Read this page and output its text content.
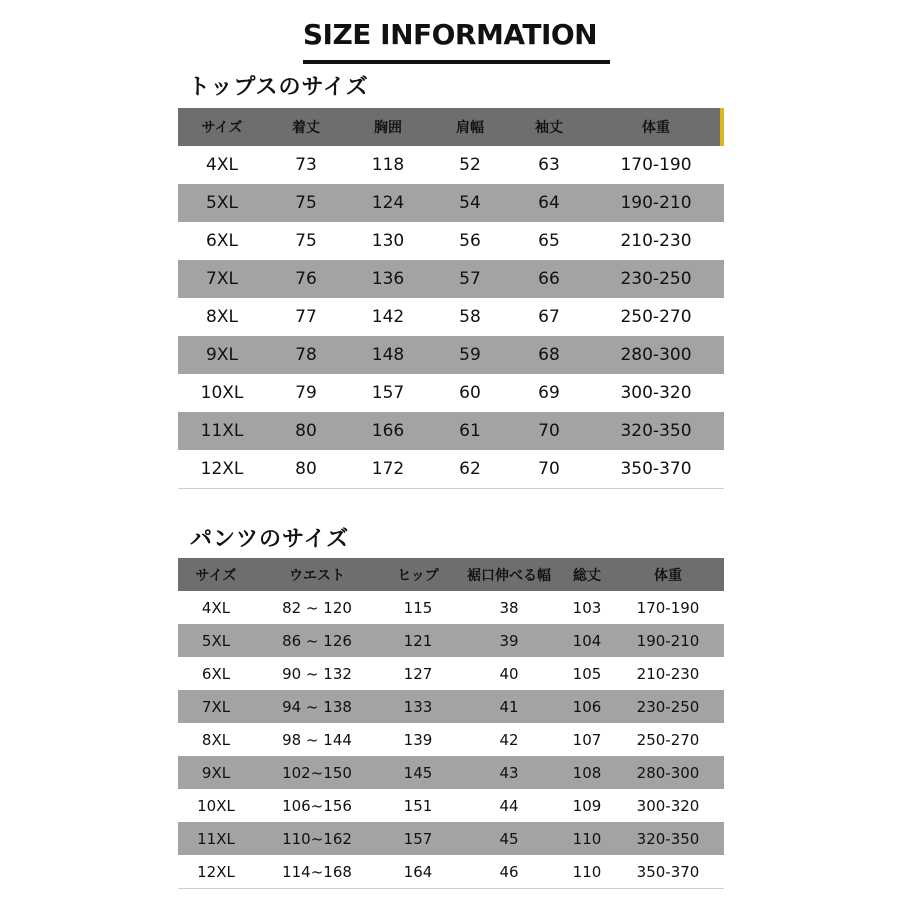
SIZE INFORMATION
トップスのサイズ
サイズ	着丈	胸囲	肩幅	袖丈	体重
4XL	73	118	52	63	170-190
5XL	75	124	54	64	190-210
6XL	75	130	56	65	210-230
7XL	76	136	57	66	230-250
8XL	77	142	58	67	250-270
9XL	78	148	59	68	280-300
10XL	79	157	60	69	300-320
11XL	80	166	61	70	320-350
12XL	80	172	62	70	350-370
パンツのサイズ
サイズ	ウエスト	ヒップ	裾口伸べる幅	総丈	体重
4XL	82 ~ 120	115	38	103	170-190
5XL	86 ~ 126	121	39	104	190-210
6XL	90 ~ 132	127	40	105	210-230
7XL	94 ~ 138	133	41	106	230-250
8XL	98 ~ 144	139	42	107	250-270
9XL	102~150	145	43	108	280-300
10XL	106~156	151	44	109	300-320
11XL	110~162	157	45	110	320-350
12XL	114~168	164	46	110	350-370
